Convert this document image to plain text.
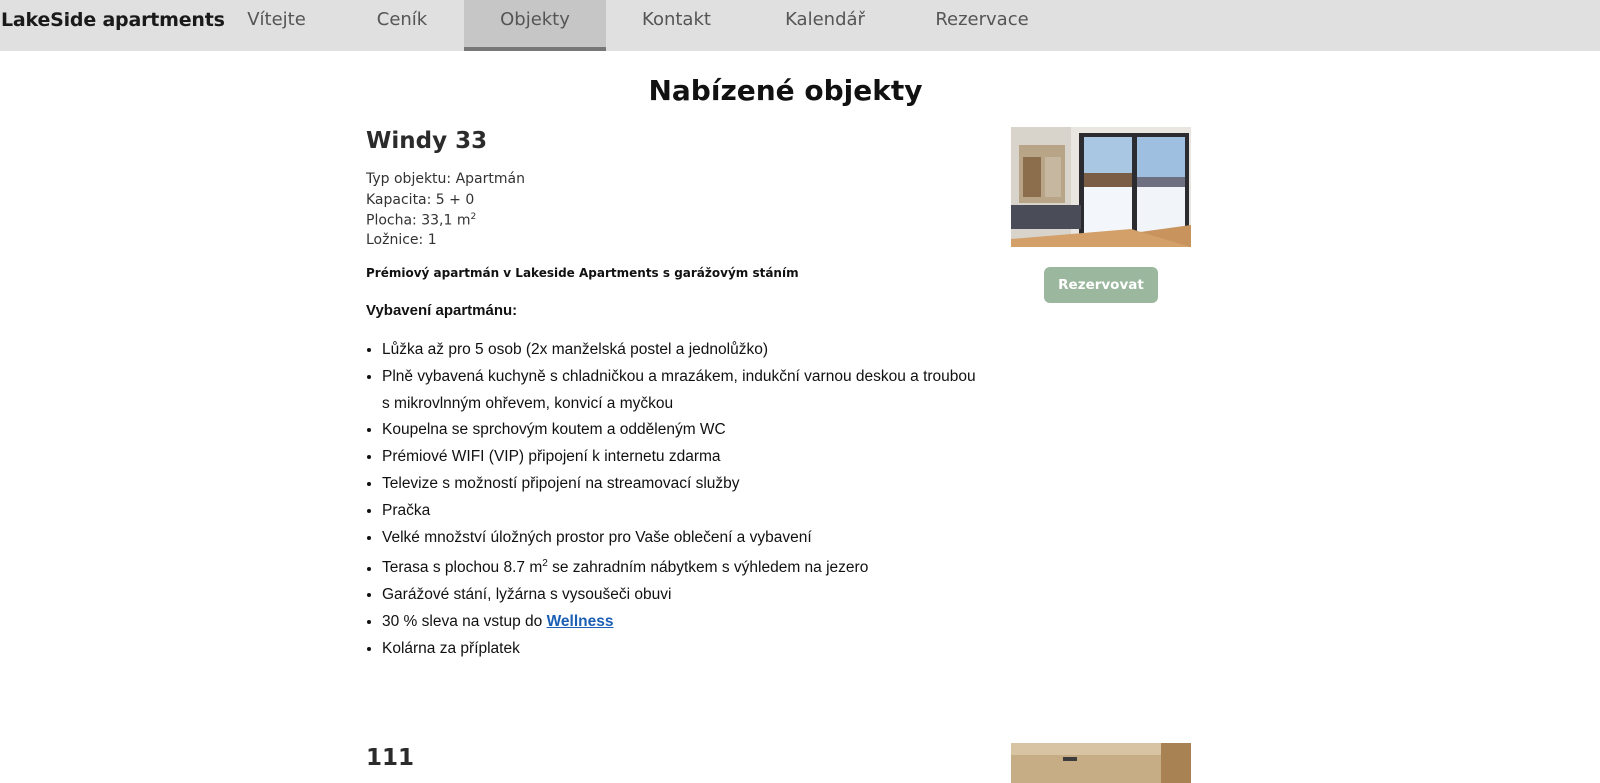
LakeSide apartments	Vítejte	Ceník	Objekty	Kontakt	Kalendář	Rezervace
Nabízené objekty
Windy 33
Typ objektu: Apartmán
Kapacita: 5 + 0
Plocha: 33,1 $m^2$
Ložnice: 1
Prémiový apartmán v Lakeside Apartments s garážovým stáním
Vybavení apartmánu:
• Lůžka až pro 5 osob (2x manželská postel a jednolůžko)
• Plně vybavená kuchyně s chladničkou a mrazákem, indukční varnou deskou a troubou s mikrovlnným ohřevem, konvicí a myčkou
• Koupelna se sprchovým koutem a odděleným WC
• Prémiové WIFI (VIP) připojení k internetu zdarma
• Televize s možností připojení na streamovací služby
• Pračka
• Velké množství úložných prostor pro Vaše oblečení a vybavení
• Terasa s plochou 8.7 $m^2$ se zahradním nábytkem s výhledem na jezero
• Garážové stání, lyžárna s vysoušeči obuvi
• 30 % sleva na vstup do Wellness
• Kolárna za příplatek
Rezervovat
111
